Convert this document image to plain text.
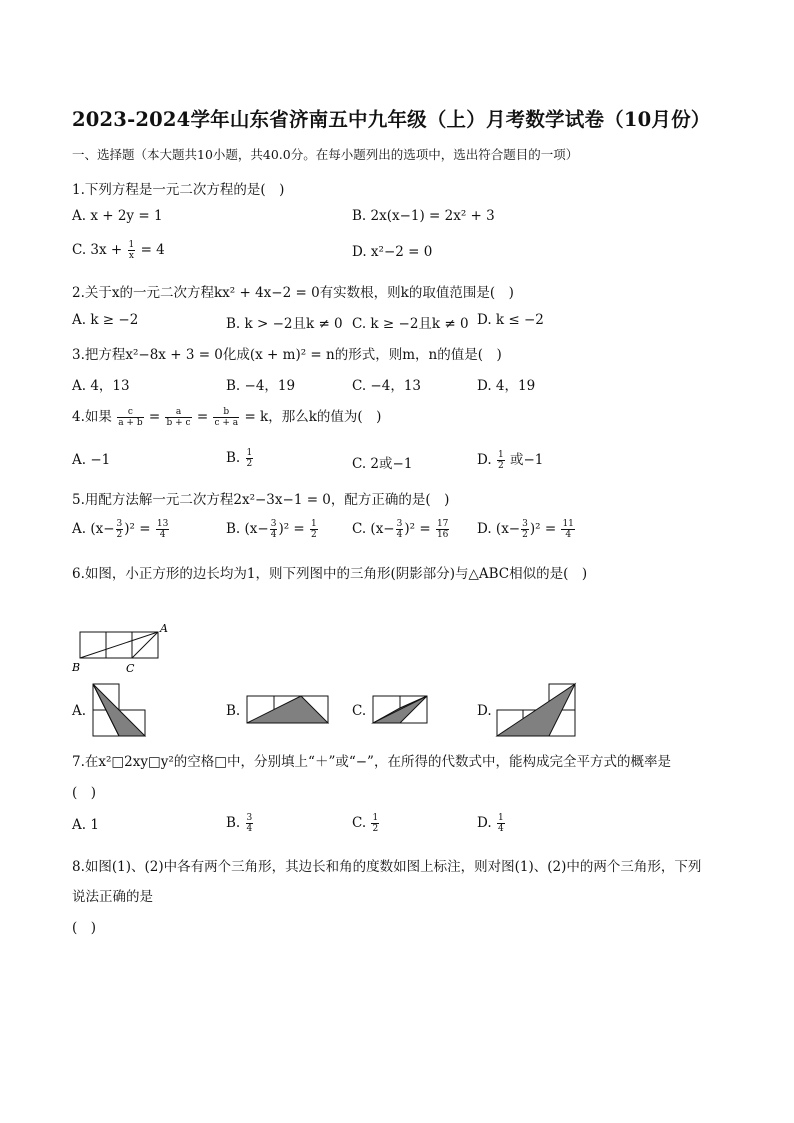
2023-2024学年山东省济南五中九年级（上）月考数学试卷（10月份）
一、选择题（本大题共10小题，共40.0分。在每小题列出的选项中，选出符合题目的一项）
1.下列方程是一元二次方程的是(　)
A. x + 2y = 1	B. 2x(x−1) = 2x² + 3
C. $3x + \frac{1}{x} = 4$	D. x²−2 = 0
2.关于x的一元二次方程kx² + 4x−2 = 0有实数根，则k的取值范围是(　)
A. k ≥ −2	B. k > −2且k ≠ 0 C. k ≥ −2且k ≠ 0 D. k ≤ −2
3.把方程x²−8x + 3 = 0化成(x + m)² = n的形式，则m，n的值是(　)
A. 4，13	B. −4，19	C. −4，13	D. 4，19
4.如果 $\frac{c}{a + b} = \frac{a}{b + c} = \frac{b}{c + a} = k$，那么k的值为(　)
A. −1	B. $\frac{1}{2}$	C. 2或−1	D. $\frac{1}{2}$ 或−1
5.用配方法解一元二次方程2x²−3x−1 = 0，配方正确的是(　)
A. $(x- \frac{3}{2} )^2 = \frac{13}{4}$	B. $(x- \frac{3}{4} )^2 = \frac{1}{2}$	C. $(x- \frac{3}{4} )^2 = \frac{17}{16} D$. $(x- \frac{3}{2} )^2 = \frac{11}{4}$
6.如图，小正方形的边长均为1，则下列图中的三角形(阴影部分)与△ABC相似的是(　)
A
B	C
A.	B.	C.	D.
7.在x²□2xy□y²的空格□中，分别填上“＋”或“−”，在所得的代数式中，能构成完全平方式的概率是
(　)
A. 1	B. $\frac{3}{4}$	C. $\frac{1}{2}$	D. $\frac{1}{4}$
8.如图(1)、(2)中各有两个三角形，其边长和角的度数如图上标注，则对图(1)、(2)中的两个三角形，下列
说法正确的是
(　)
